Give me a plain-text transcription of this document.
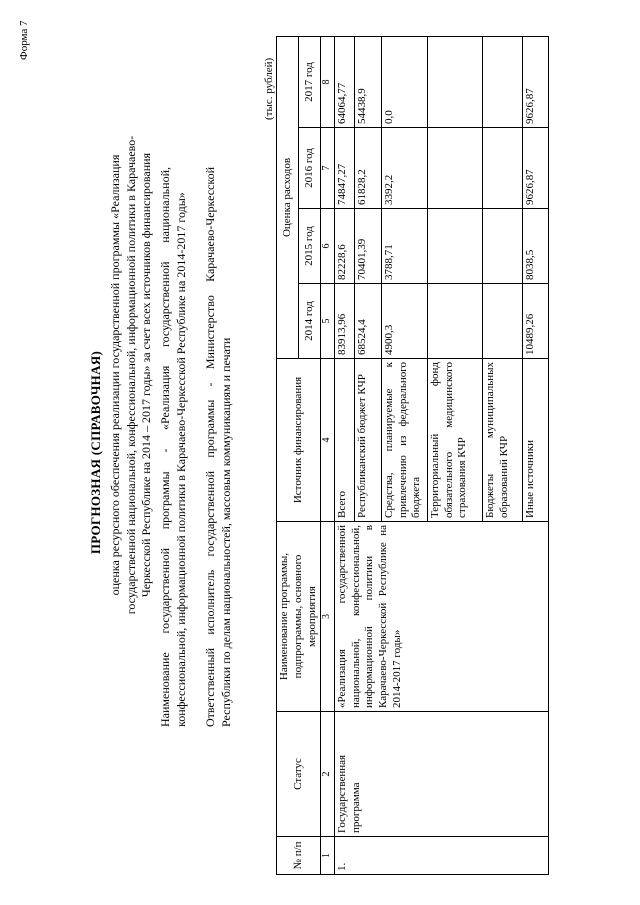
Форма 7
ПРОГНОЗНАЯ (СПРАВОЧНАЯ) оценка ресурсного обеспечения реализации государственной программы «Реализация государственной национальной, конфессиональной, информационной политики в Карачаево-Черкесской Республике на 2014 – 2017 годы» за счет всех источников финансирования Наименование государственной программы - «Реализация государственной национальной, конфессиональной, информационной политики в Карачаево-Черкесской Республике на 2014-2017 годы» Ответственный исполнитель государственной программы - Министерство Карачаево-Черкесской Республики по делам национальностей, массовым коммуникациям и печати
(тыс. рублей)
№ п/п	Статус	Наименование программы, подпрограммы, основного мероприятия	Источник финансирования	Оценка расходов			
				2014 год	2015 год	2016 год	2017 год
1	2	3	4	5	6	7	8
1.	Государственная программа	«Реализация государственной национальной, конфессиональной, информационной политики в Карачаево-Черкесской Республике на 2014-2017 годы»	Всего	83913,96	82228,6	74847,27	64064,77
			Республиканский бюджет КЧР	68524,4	70401,39	61828,2	54438,9
			Средства, планируемые к привлечению из федерального бюджета	4900,3	3788,71	3392,2	0,0
			Территориальный фонд обязательного медицинского страхования КЧР				
			Бюджеты муниципальных образований КЧР				
			Иные источники	10489,26	8038,5	9626,87	9626,87
